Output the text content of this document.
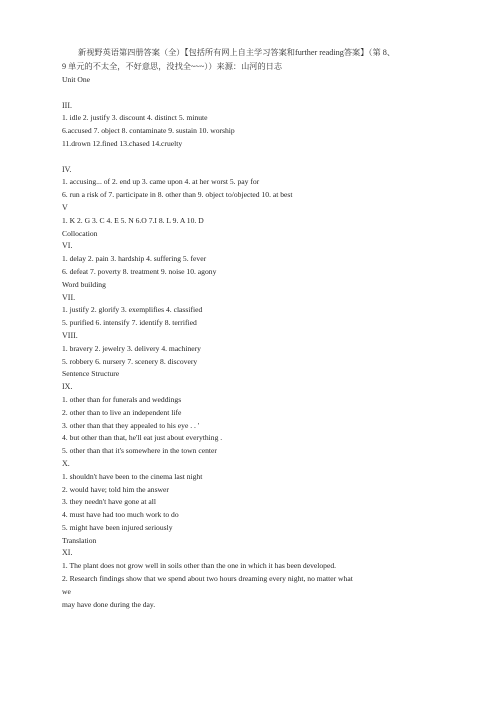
新视野英语第四册答案（全）【包括所有网上自主学习答案和further reading答案】（第 8、
9 单元的不太全，不好意思，没找全~~~））来源：山河的日志
Unit One
III.
1. idle 2. justify 3. discount 4. distinct 5. minute
6.accused 7. object 8. contaminate 9. sustain 10. worship
11.drown 12.fined 13.chased 14.cruelty
IV.
1. accusing... of 2. end up 3. came upon 4. at her worst 5. pay for
6. run a risk of 7. participate in 8. other than 9. object to/objected 10. at best
V
1. K 2. G 3. C 4. E 5. N 6.O 7.I 8. L 9. A 10. D
Collocation
VI.
1. delay 2. pain 3. hardship 4. suffering 5. fever
6. defeat 7. poverty 8. treatment 9. noise 10. agony
Word building
VII.
1. justify 2. glorify 3. exemplifies 4. classified
5. purified 6. intensify 7. identify 8. terrified
VIII.
1. bravery 2. jewelry 3. delivery 4. machinery
5. robbery 6. nursery 7. scenery 8. discovery
Sentence Structure
IX.
1. other than for funerals and weddings
2. other than to live an independent life
3. other than that they appealed to his eye . . '
4. but other than that, he'll eat just about everything .
5. other than that it's somewhere in the town center
X.
1. shouldn't have been to the cinema last night
2. would have; told him the answer
3. they needn't have gone at all
4. must have had too much work to do
5. might have been injured seriously
Translation
XI.
1. The plant does not grow well in soils other than the one in which it has been developed.
2. Research findings show that we spend about two hours dreaming every night, no matter what
we
may have done during the day.
